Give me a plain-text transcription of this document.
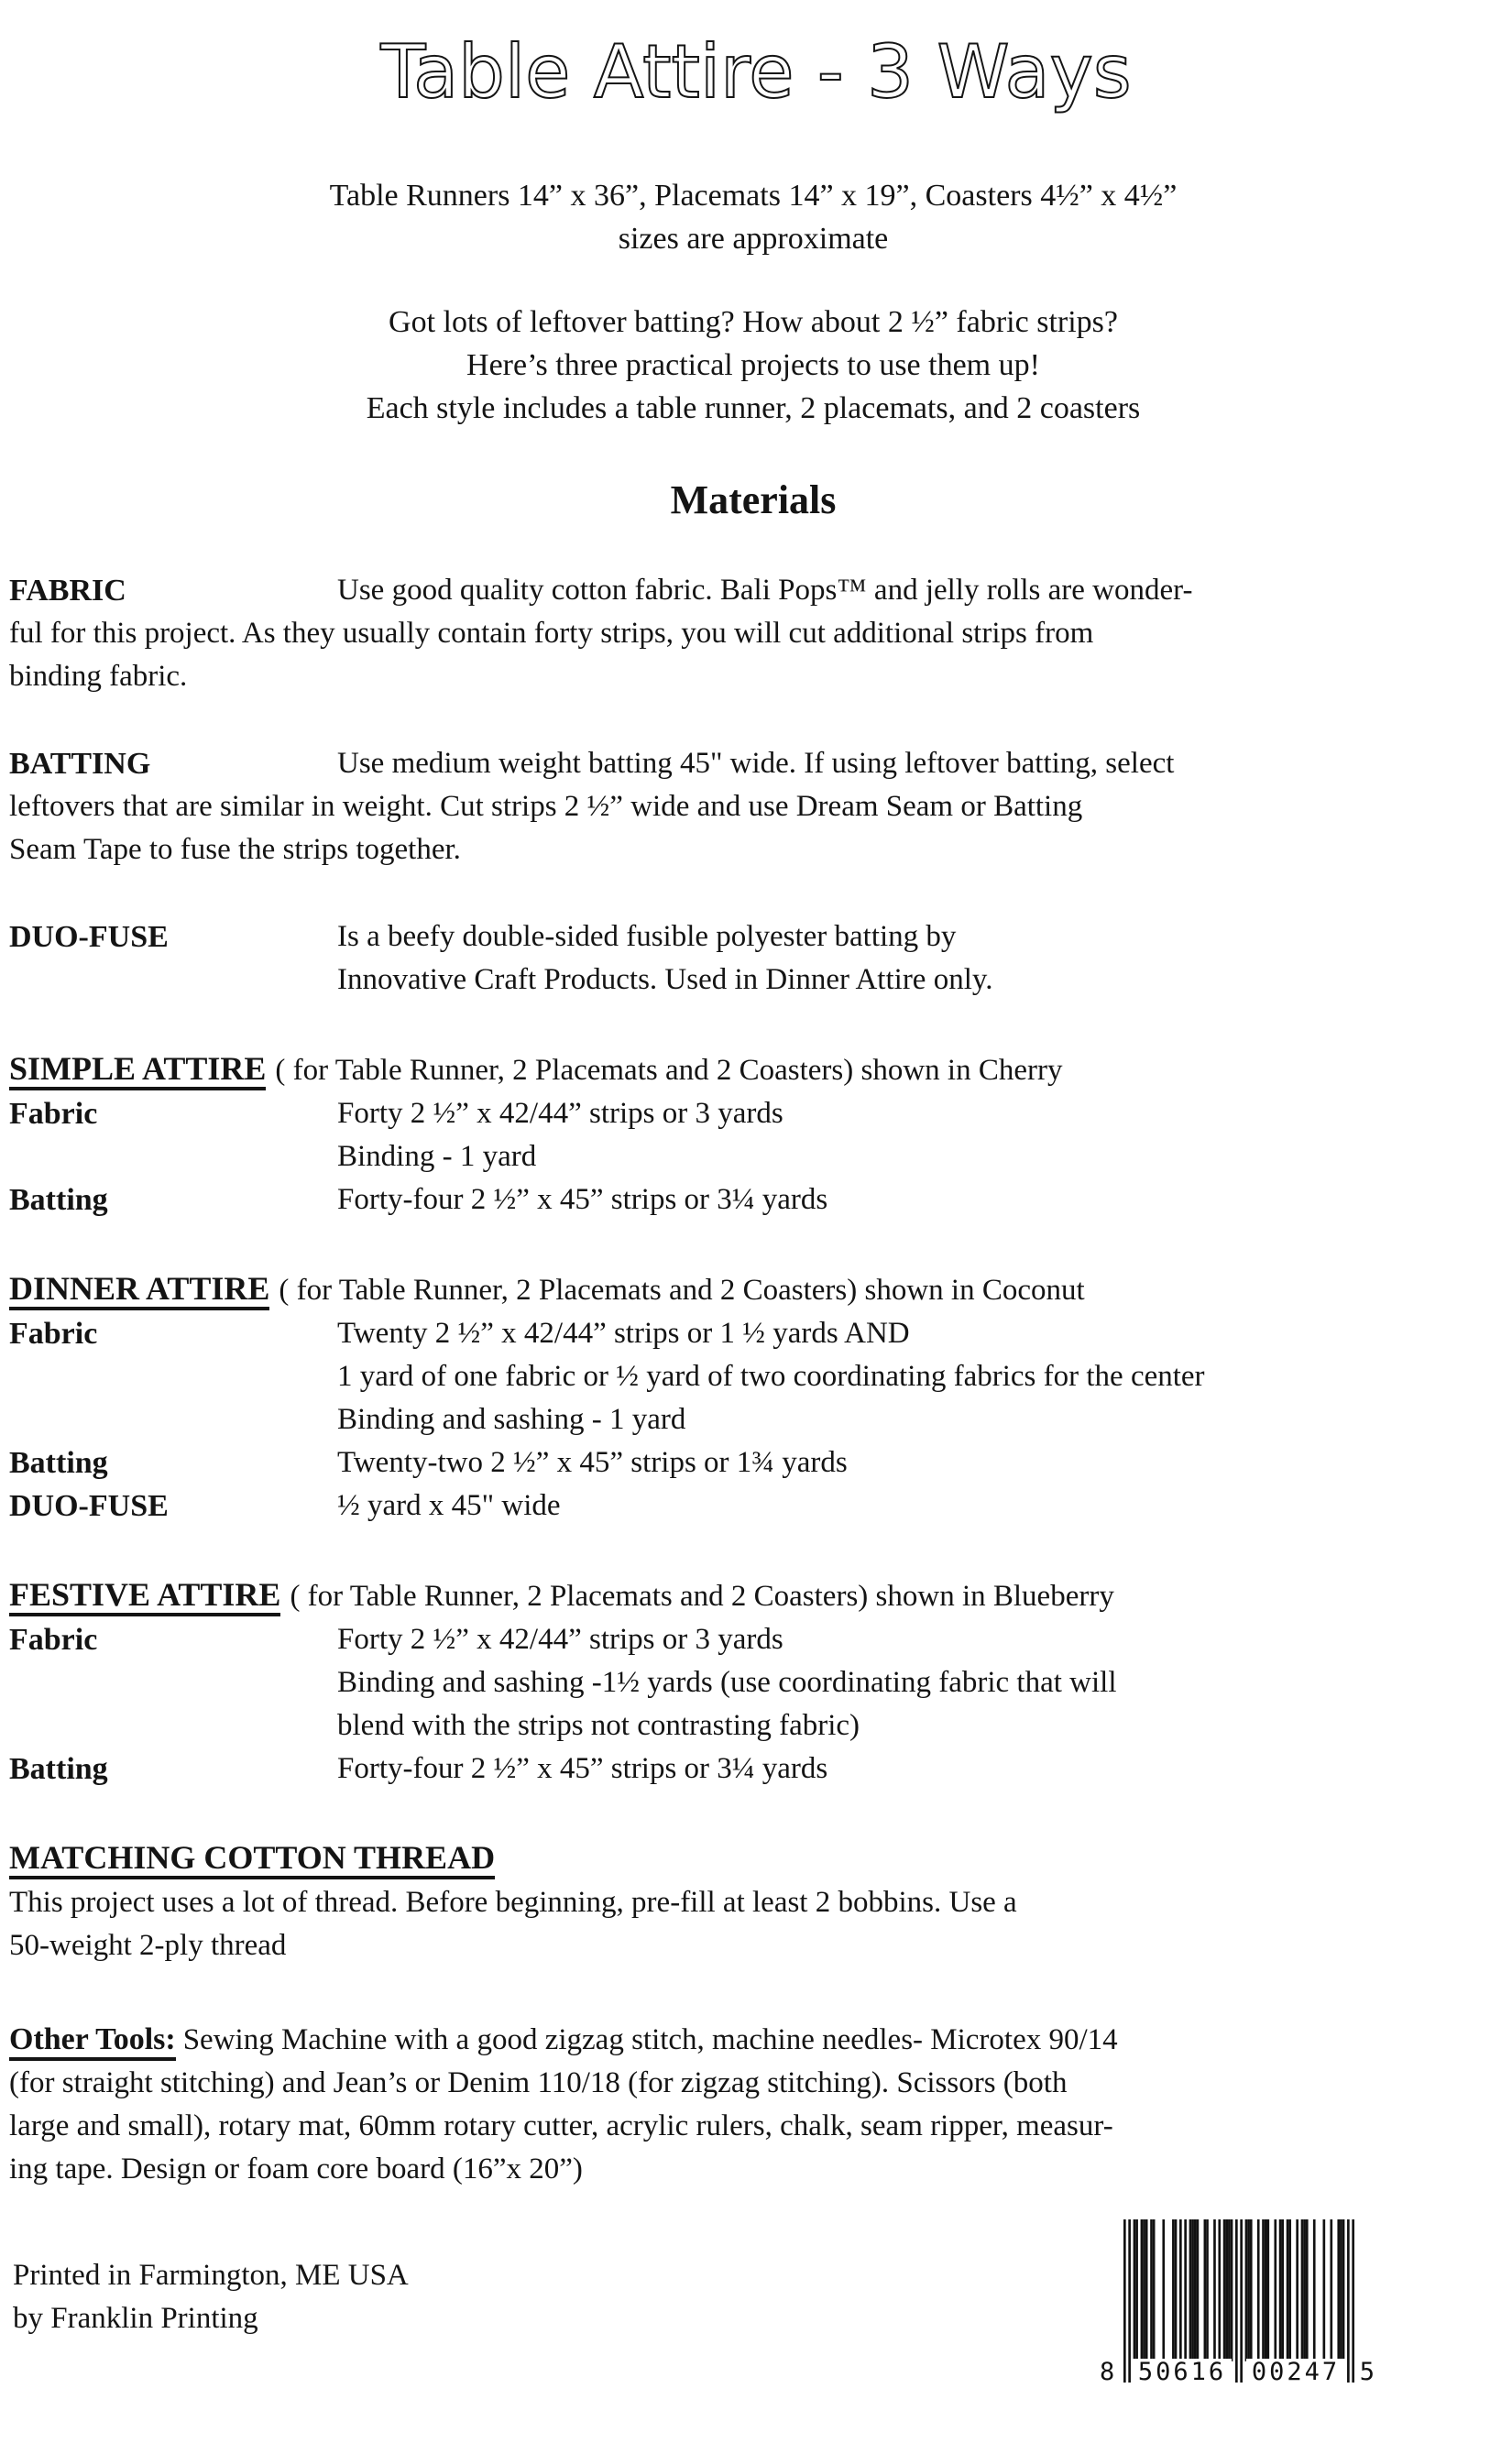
Table Attire - 3 Ways
Table Runners 14” x 36”, Placemats 14” x 19”, Coasters 4½” x 4½”
sizes are approximate
Got lots of leftover batting? How about 2 ½” fabric strips?
Here’s three practical projects to use them up!
Each style includes a table runner, 2 placemats, and 2 coasters
Materials

FABRIC	Use good quality cotton fabric. Bali Pops™ and jelly rolls are wonder-

ful for this project. As they usually contain forty strips, you will cut additional strips from
binding fabric.

BATTING	Use medium weight batting 45" wide. If using leftover batting, select

leftovers that are similar in weight. Cut strips 2 ½” wide and use Dream Seam or Batting
Seam Tape to fuse the strips together.
DUO-FUSE	Is a beefy double-sided fusible polyester batting by
Innovative Craft Products. Used in Dinner Attire only.
SIMPLE ATTIRE ( for Table Runner, 2 Placemats and 2 Coasters) shown in Cherry
Fabric	Forty 2 ½” x 42/44” strips or 3 yards
Binding - 1 yard
Batting	Forty-four 2 ½” x 45” strips or 3¼ yards
DINNER ATTIRE ( for Table Runner, 2 Placemats and 2 Coasters) shown in Coconut
Fabric	Twenty 2 ½” x 42/44” strips or 1 ½ yards AND
1 yard of one fabric or ½ yard of two coordinating fabrics for the center
Binding and sashing - 1 yard
Batting	Twenty-two 2 ½” x 45” strips or 1¾ yards
DUO-FUSE	½ yard x 45" wide
FESTIVE ATTIRE ( for Table Runner, 2 Placemats and 2 Coasters) shown in Blueberry
Fabric	Forty 2 ½” x 42/44” strips or 3 yards
Binding and sashing -1½ yards (use coordinating fabric that will
blend with the strips not contrasting fabric)
Batting	Forty-four 2 ½” x 45” strips or 3¼ yards
MATCHING COTTON THREAD
This project uses a lot of thread. Before beginning, pre-fill at least 2 bobbins. Use a
50-weight 2-ply thread
Other Tools: Sewing Machine with a good zigzag stitch, machine needles- Microtex 90/14
(for straight stitching) and Jean’s or Denim 110/18 (for zigzag stitching). Scissors (both
large and small), rotary mat, 60mm rotary cutter, acrylic rulers, chalk, seam ripper, measur-
ing tape. Design or foam core board (16”x 20”)
Printed in Farmington, ME USA
by Franklin Printing
8 50616 00247 5
